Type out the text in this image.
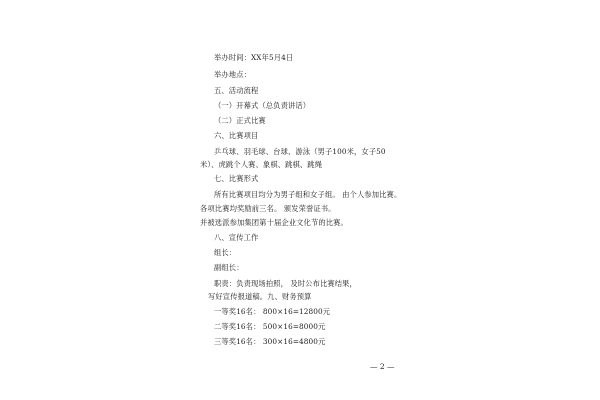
举办时间：XX年5月4日
举办地点：
五、活动流程
（一）开幕式（总负责讲话）
（二）正式比赛
六、比赛项目
乒乓球、羽毛球、台球、游泳（男子100米，女子50
米）、虎跳个人赛、象棋、跳棋、跳绳
七、比赛形式
所有比赛项目均分为男子组和女子组。 由个人参加比赛。
各项比赛均奖励前三名。 颁发荣誉证书。
并被选派参加集团第十届企业文化节的比赛。
八、宣传工作
组长：
副组长：
职责：负责现场拍照， 及时公布比赛结果，
写好宣传报道稿。九、财务预算
一等奖16名： 800×16=12800元
二等奖16名： 500×16=8000元
三等奖16名： 300×16=4800元
— 2 —
